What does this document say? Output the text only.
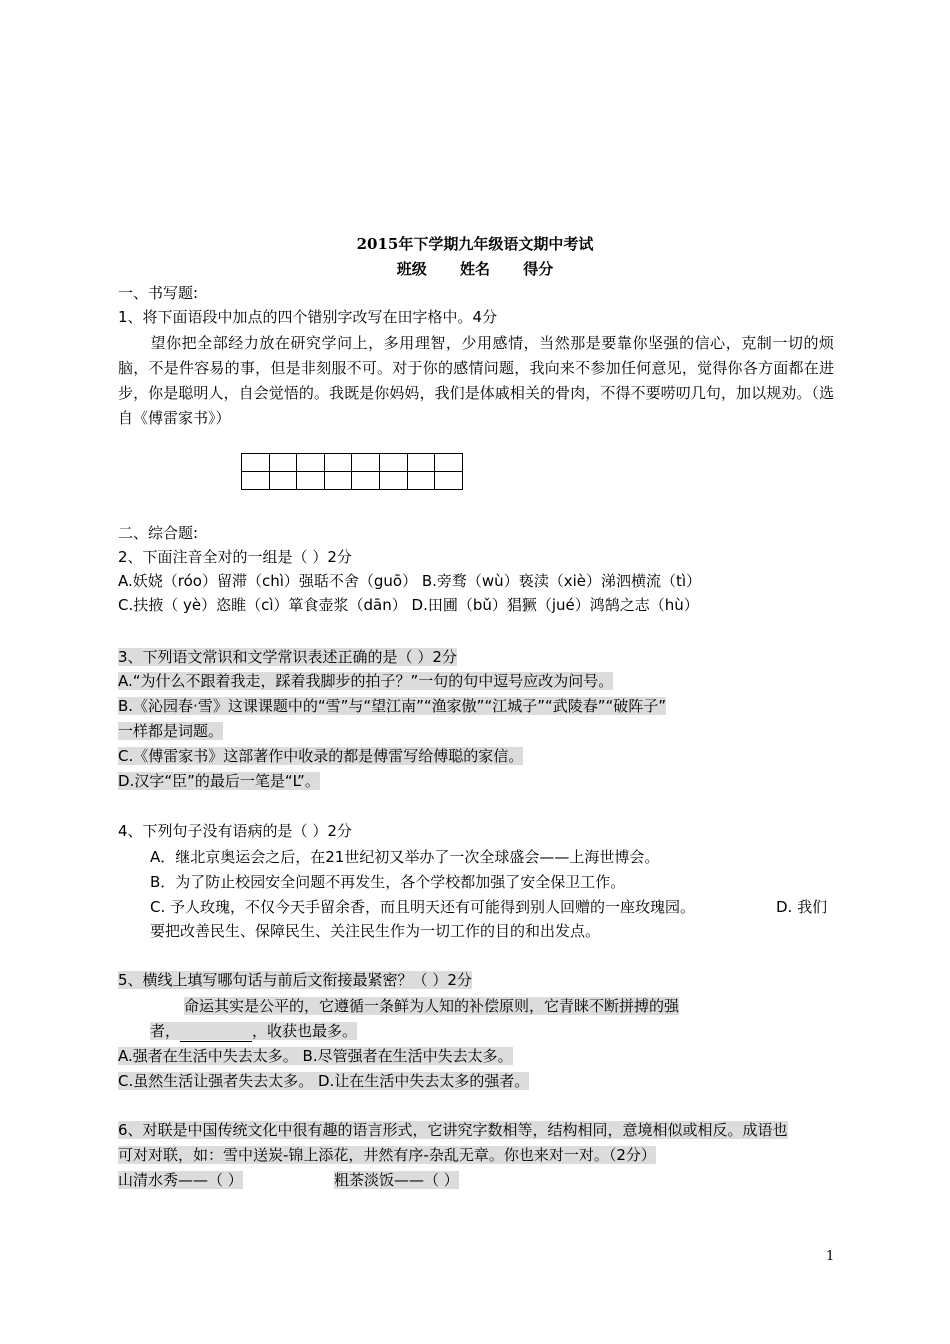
2015年下学期九年级语文期中考试
班级 姓名 得分
一、书写题:
1、将下面语段中加点的四个错别字改写在田字格中。4分
望你把全部经力放在研究学问上，多用理智，少用感情，当然那是要靠你坚强的信心，克制一切的烦脑，不是件容易的事，但是非刻服不可。对于你的感情问题，我向来不参加任何意见，觉得你各方面都在进步，你是聪明人，自会觉悟的。我既是你妈妈，我们是体戚相关的骨肉，不得不要唠叨几句，加以规劝。（选自《傅雷家书》）

二、综合题:
2、下面注音全对的一组是（ ）2分
A.妖娆（róo）留滞（chì）强聒不舍（guō） B.旁骛（wù）亵渎（xiè）涕泗横流（tì）
C.扶掖（ yè）恣睢（cì）箪食壶浆（dān） D.田圃（bǔ）猖獗（jué）鸿鹄之志（hù）
3、下列语文常识和文学常识表述正确的是（ ）2分
A.“为什么不跟着我走，踩着我脚步的拍子？”一句的句中逗号应改为问号。
B.《沁园春·雪》这课课题中的“雪”与“望江南”“渔家傲”“江城子”“武陵春”“破阵子”
一样都是词题。
C.《傅雷家书》这部著作中收录的都是傅雷写给傅聪的家信。
D.汉字“臣”的最后一笔是“L”。
4、下列句子没有语病的是（ ）2分
A．继北京奥运会之后，在21世纪初又举办了一次全球盛会——上海世博会。
B．为了防止校园安全问题不再发生，各个学校都加强了安全保卫工作。
C. 予人玫瑰，不仅今天手留余香，而且明天还有可能得到别人回赠的一座玫瑰园。	D. 我们
要把改善民生、保障民生、关注民生作为一切工作的目的和出发点。
5、横线上填写哪句话与前后文衔接最紧密？（ ）2分
命运其实是公平的，它遵循一条鲜为人知的补偿原则，它青睐不断拼搏的强
者，	，收获也最多。
A.强者在生活中失去太多。 B.尽管强者在生活中失去太多。
C.虽然生活让强者失去太多。 D.让在生活中失去太多的强者。
6、对联是中国传统文化中很有趣的语言形式，它讲究字数相等，结构相同，意境相似或相反。成语也
可对对联，如：雪中送炭-锦上添花，井然有序-杂乱无章。你也来对一对。（2分）
山清水秀——（ ）	粗茶淡饭——（ ）
1
